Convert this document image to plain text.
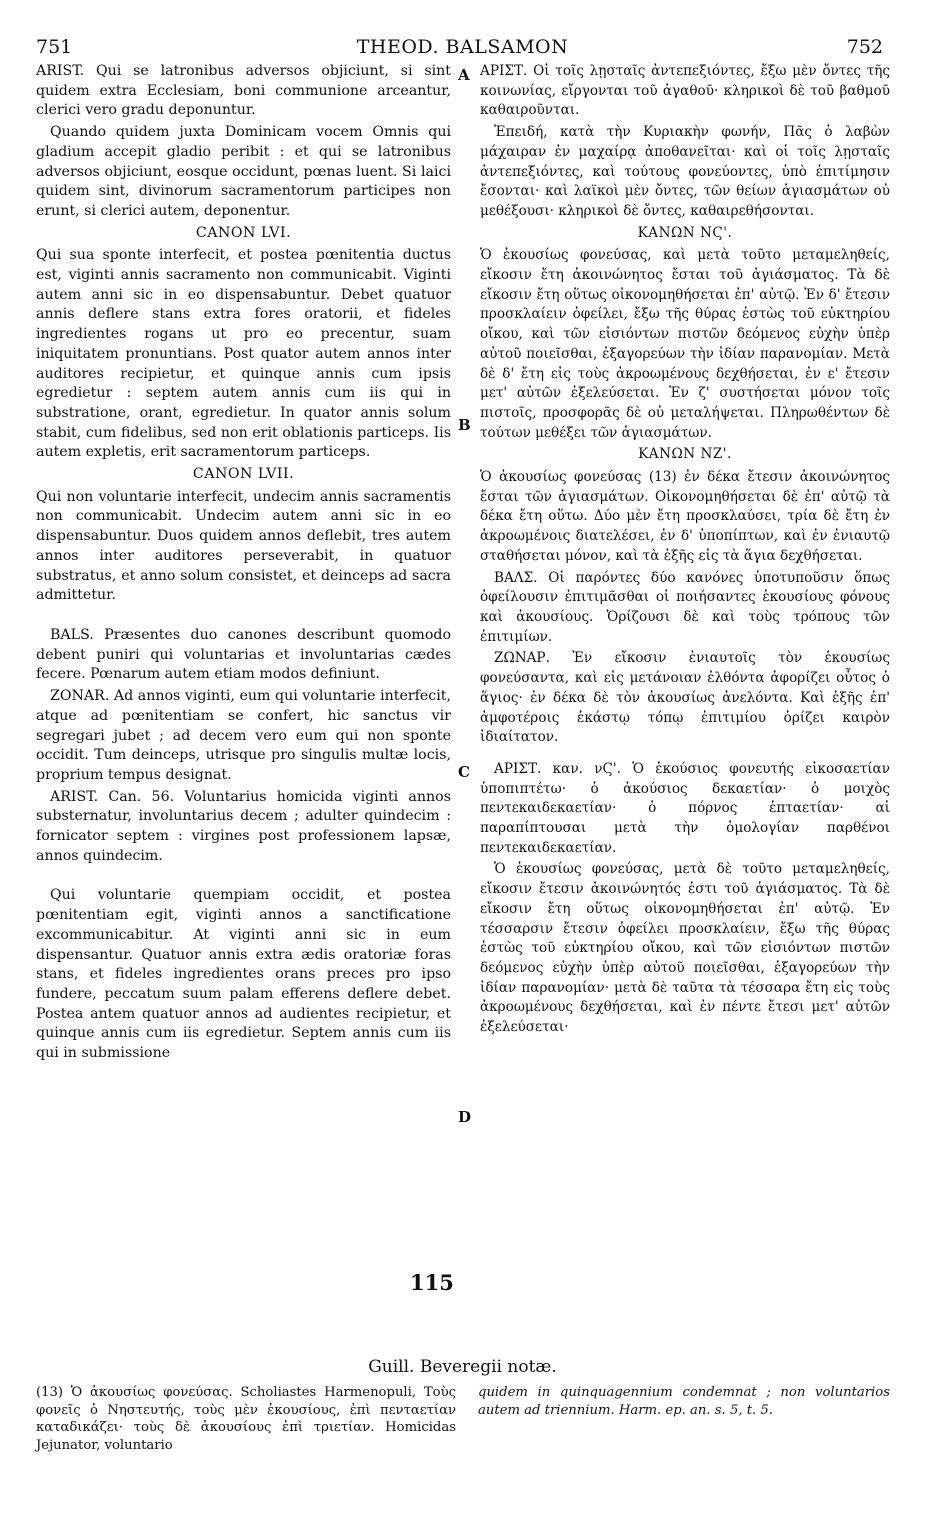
751	THEOD. BALSAMON	752

ARIST. Qui se latronibus adversos objiciunt, si sint quidem extra Ecclesiam, boni communione arceantur, clerici vero gradu deponuntur.

Quando quidem juxta Dominicam vocem Omnis qui gladium accepit gladio peribit : et qui se latronibus adversos objiciunt, eosque occidunt, pœnas luent. Si laici quidem sint, divinorum sacramentorum participes non erunt, si clerici autem, deponentur.

CANON LVI.

Qui sua sponte interfecit, et postea pœnitentia ductus est, viginti annis sacramento non communicabit. Viginti autem anni sic in eo dispensabuntur. Debet quatuor annis deflere stans extra fores oratorii, et fideles ingredientes rogans ut pro eo precentur, suam iniquitatem pronuntians. Post quator autem annos inter auditores recipietur, et quinque annis cum ipsis egredietur : septem autem annis cum iis qui in substratione, orant, egredietur. In quator annis solum stabit, cum fidelibus, sed non erit oblationis particeps. Iis autem expletis, erit sacramentorum particeps.

CANON LVII.

Qui non voluntarie interfecit, undecim annis sacramentis non communicabit. Undecim autem anni sic in eo dispensabuntur. Duos quidem annos deflebit, tres autem annos inter auditores perseverabit, in quatuor substratus, et anno solum consistet, et deinceps ad sacra admittetur.

BALS. Præsentes duo canones describunt quomodo debent puniri qui voluntarias et involuntarias cædes fecere. Pœnarum autem etiam modos definiunt.

ZONAR. Ad annos viginti, eum qui voluntarie interfecit, atque ad pœnitentiam se confert, hic sanctus vir segregari jubet ; ad decem vero eum qui non sponte occidit. Tum deinceps, utrisque pro singulis multæ locis, proprium tempus designat.

ARIST. Can. 56. Voluntarius homicida viginti annos substernatur, involuntarius decem ; adulter quindecim : fornicator septem : virgines post professionem lapsæ, annos quindecim.

Qui voluntarie quempiam occidit, et postea pœnitentiam egit, viginti annos a sanctificatione excommunicabitur. At viginti anni sic in eum dispensantur. Quatuor annis extra ædis oratoriæ foras stans, et fideles ingredientes orans preces pro ipso fundere, peccatum suum palam efferens deflere debet. Postea antem quatuor annos ad audientes recipietur, et quinque annis cum iis egredietur. Septem annis cum iis qui in submissione

ΑΡΙΣΤ. Οἱ τοῖς λῃσταῖς ἀντεπεξιόντες, ἔξω μὲν ὄντες τῆς κοινωνίας, εἴργονται τοῦ ἀγαθοῦ· κληρικοὶ δὲ τοῦ βαθμοῦ καθαιροῦνται.

Ἐπειδή, κατὰ τὴν Κυριακὴν φωνήν, Πᾶς ὁ λαβὼν μάχαιραν ἐν μαχαίρᾳ ἀποθανεῖται· καὶ οἱ τοῖς λῃσταῖς ἀντεπεξιόντες, καὶ τούτους φονεύοντες, ὑπὸ ἐπιτίμησιν ἔσονται· καὶ λαϊκοὶ μὲν ὄντες, τῶν θείων ἁγιασμάτων οὐ μεθέξουσι· κληρικοὶ δὲ ὄντες, καθαιρεθήσονται.

ΚΑΝΩΝ ΝϚ'.

Ὁ ἑκουσίως φονεύσας, καὶ μετὰ τοῦτο μεταμεληθείς, εἴκοσιν ἔτη ἀκοινώνητος ἔσται τοῦ ἁγιάσματος. Τὰ δὲ εἴκοσιν ἔτη οὕτως οἰκονομηθήσεται ἐπ' αὐτῷ. Ἐν δ' ἔτεσιν προσκλαίειν ὀφείλει, ἔξω τῆς θύρας ἑστὼς τοῦ εὐκτηρίου οἴκου, καὶ τῶν εἰσιόντων πιστῶν δεόμενος εὐχὴν ὑπὲρ αὐτοῦ ποιεῖσθαι, ἐξαγορεύων τὴν ἰδίαν παρανομίαν. Μετὰ δὲ δ' ἔτη εἰς τοὺς ἀκροωμένους δεχθήσεται, ἐν ε' ἔτεσιν μετ' αὐτῶν ἐξελεύσεται. Ἐν ζ' συστήσεται μόνον τοῖς πιστοῖς, προσφορᾶς δὲ οὐ μεταλήψεται. Πληρωθέντων δὲ τούτων μεθέξει τῶν ἁγιασμάτων.

ΚΑΝΩΝ ΝΖ'.

Ὁ ἀκουσίως φονεύσας (13) ἐν δέκα ἔτεσιν ἀκοινώνητος ἔσται τῶν ἁγιασμάτων. Οἰκονομηθήσεται δὲ ἐπ' αὐτῷ τὰ δέκα ἔτη οὕτω. Δύο μὲν ἔτη προσκλαύσει, τρία δὲ ἔτη ἐν ἀκροωμένοις διατελέσει, ἐν δ' ὑποπίπτων, καὶ ἐν ἐνιαυτῷ σταθήσεται μόνον, καὶ τὰ ἑξῆς εἰς τὰ ἅγια δεχθήσεται.

ΒΑΛΣ. Οἱ παρόντες δύο κανόνες ὑποτυποῦσιν ὅπως ὀφείλουσιν ἐπιτιμᾶσθαι οἱ ποιήσαντες ἑκουσίους φόνους καὶ ἀκουσίους. Ὁρίζουσι δὲ καὶ τοὺς τρόπους τῶν ἐπιτιμίων.

ΖΩΝΑΡ. Ἐν εἴκοσιν ἐνιαυτοῖς τὸν ἑκουσίως φονεύσαντα, καὶ εἰς μετάνοιαν ἐλθόντα ἀφορίζει οὗτος ὁ ἅγιος· ἐν δέκα δὲ τὸν ἀκουσίως ἀνελόντα. Καὶ ἑξῆς ἐπ' ἀμφοτέροις ἑκάστῳ τόπῳ ἐπιτιμίου ὁρίζει καιρὸν ἰδιαίτατον.

ΑΡΙΣΤ. καν. νϚ'. Ὁ ἑκούσιος φονευτής εἰκοσαετίαν ὑποπιπτέτω· ὁ ἀκούσιος δεκαετίαν· ὁ μοιχὸς πεντεκαιδεκαετίαν· ὁ πόρνος ἑπταετίαν· αἱ παραπίπτουσαι μετὰ τὴν ὁμολογίαν παρθένοι πεντεκαιδεκαετίαν.

Ὁ ἑκουσίως φονεύσας, μετὰ δὲ τοῦτο μεταμεληθείς, εἴκοσιν ἔτεσιν ἀκοινώνητός ἐστι τοῦ ἁγιάσματος. Τὰ δὲ εἴκοσιν ἔτη οὕτως οἰκονομηθήσεται ἐπ' αὐτῷ. Ἐν τέσσαρσιν ἔτεσιν ὀφείλει προσκλαίειν, ἔξω τῆς θύρας ἑστὼς τοῦ εὐκτηρίου οἴκου, καὶ τῶν εἰσιόντων πιστῶν δεόμενος εὐχὴν ὑπὲρ αὐτοῦ ποιεῖσθαι, ἐξαγορεύων τὴν ἰδίαν παρανομίαν· μετὰ δὲ ταῦτα τὰ τέσσαρα ἔτη εἰς τοὺς ἀκροωμένους δεχθήσεται, καὶ ἐν πέντε ἔτεσι μετ' αὐτῶν ἐξελεύσεται·

A
B
C
D
115
Guill. Beveregii notæ.
(13) Ὁ ἀκουσίως φονεύσας. Scholiastes Harmenopuli, Τοὺς φονεῖς ὁ Νηστευτής, τοὺς μὲν ἑκουσίους, ἐπὶ πενταετίαν καταδικάζει· τοὺς δὲ ἀκουσίους ἐπὶ τριετίαν. Homicidas Jejunator, voluntario
quidem in quinquagennium condemnat ; non voluntarios autem ad triennium. Harm. ep. an. s. 5, t. 5.
